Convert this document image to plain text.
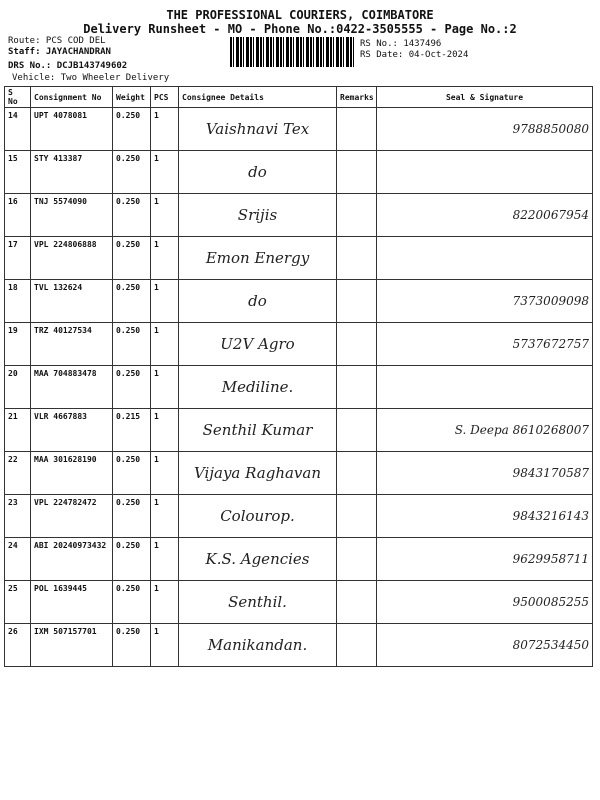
THE PROFESSIONAL COURIERS, COIMBATORE
Delivery Runsheet - MO - Phone No.:0422-3505555 - Page No.:2
Route: PCS COD DEL
Staff: JAYACHANDRAN
DRS No.: DCJB143749602
Vehicle: Two Wheeler Delivery
RS No.: 1437496
RS Date: 04-Oct-2024
S No	Consignment No	Weight	PCS	Consignee Details	Remarks	Seal & Signature
14	UPT 4078081	0.250	1	Vaishnavi Tex		9788850080
15	STY 413387	0.250	1	do		
16	TNJ 5574090	0.250	1	Srijis		8220067954
17	VPL 224806888	0.250	1	Emon Energy		
18	TVL 132624	0.250	1	do		7373009098
19	TRZ 40127534	0.250	1	U2V Agro		5737672757
20	MAA 704883478	0.250	1	Mediline.		
21	VLR 4667883	0.215	1	Senthil Kumar		S. Deepa 8610268007
22	MAA 301628190	0.250	1	Vijaya Raghavan		9843170587
23	VPL 224782472	0.250	1	Colourop.		9843216143
24	ABI 20240973432	0.250	1	K.S. Agencies		9629958711
25	POL 1639445	0.250	1	Senthil.		9500085255
26	IXM 507157701	0.250	1	Manikandan.		8072534450
